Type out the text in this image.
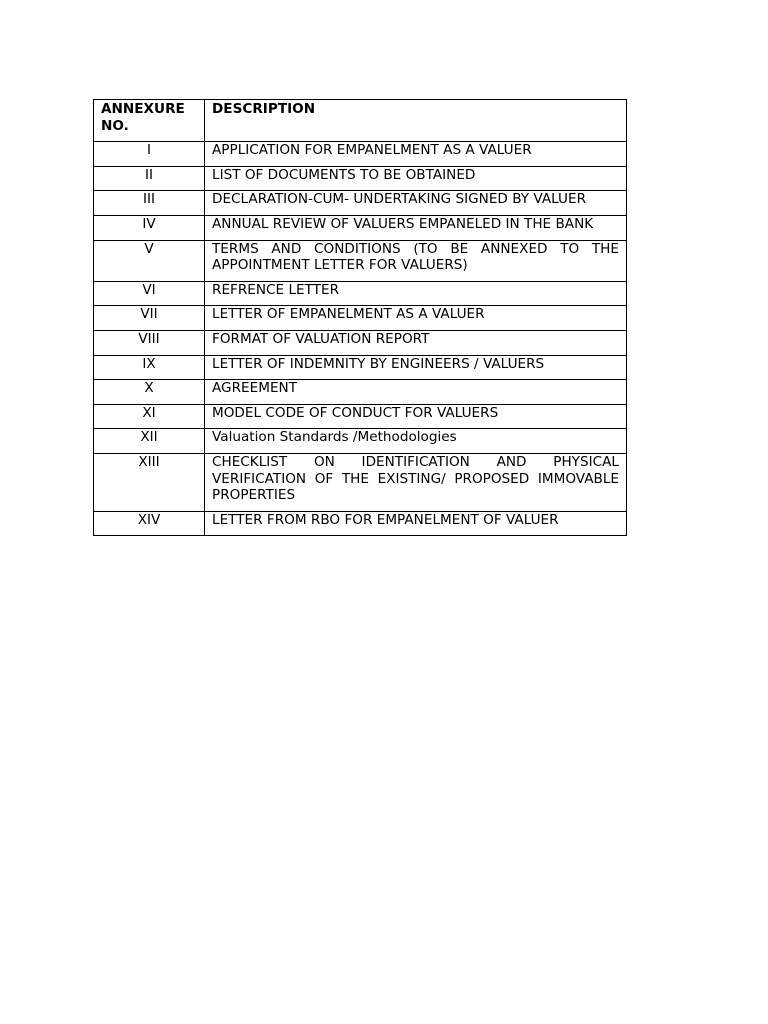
ANNEXURE NO.	DESCRIPTION
I	APPLICATION FOR EMPANELMENT AS A VALUER
II	LIST OF DOCUMENTS TO BE OBTAINED
III	DECLARATION-CUM- UNDERTAKING SIGNED BY VALUER
IV	ANNUAL REVIEW OF VALUERS EMPANELED IN THE BANK
V	TERMS AND CONDITIONS (TO BE ANNEXED TO THE APPOINTMENT LETTER FOR VALUERS)
VI	REFRENCE LETTER
VII	LETTER OF EMPANELMENT AS A VALUER
VIII	FORMAT OF VALUATION REPORT
IX	LETTER OF INDEMNITY BY ENGINEERS / VALUERS
X	AGREEMENT
XI	MODEL CODE OF CONDUCT FOR VALUERS
XII	Valuation Standards /Methodologies
XIII	CHECKLIST ON IDENTIFICATION AND PHYSICAL VERIFICATION OF THE EXISTING/ PROPOSED IMMOVABLE PROPERTIES
XIV	LETTER FROM RBO FOR EMPANELMENT OF VALUER
